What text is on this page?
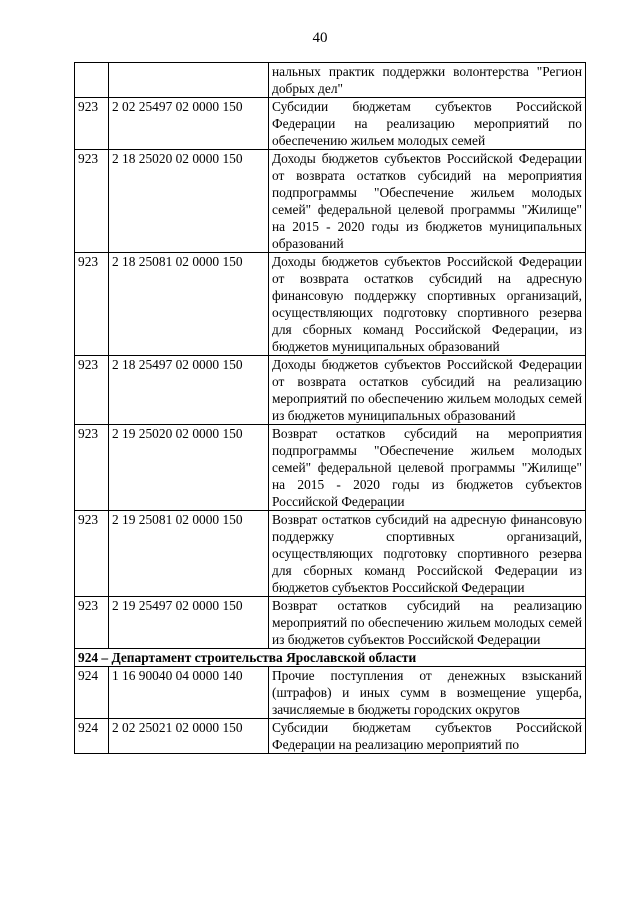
40
		нальных практик поддержки волонтерства "Регион добрых дел"
923	2 02 25497 02 0000 150	Субсидии бюджетам субъектов Российской Федерации на реализацию мероприятий по обеспечению жильем молодых семей
923	2 18 25020 02 0000 150	Доходы бюджетов субъектов Российской Федерации от возврата остатков субсидий на мероприятия подпрограммы "Обеспечение жильем молодых семей" федеральной целевой программы "Жилище" на 2015 - 2020 годы из бюджетов муниципальных образований
923	2 18 25081 02 0000 150	Доходы бюджетов субъектов Российской Федерации от возврата остатков субсидий на адресную финансовую поддержку спортивных организаций, осуществляющих подготовку спортивного резерва для сборных команд Российской Федерации, из бюджетов муниципальных образований
923	2 18 25497 02 0000 150	Доходы бюджетов субъектов Российской Федерации от возврата остатков субсидий на реализацию мероприятий по обеспечению жильем молодых семей из бюджетов муниципальных образований
923	2 19 25020 02 0000 150	Возврат остатков субсидий на мероприятия подпрограммы "Обеспечение жильем молодых семей" федеральной целевой программы "Жилище" на 2015 - 2020 годы из бюджетов субъектов Российской Федерации
923	2 19 25081 02 0000 150	Возврат остатков субсидий на адресную финансовую поддержку спортивных организаций, осуществляющих подготовку спортивного резерва для сборных команд Российской Федерации из бюджетов субъектов Российской Федерации
923	2 19 25497 02 0000 150	Возврат остатков субсидий на реализацию мероприятий по обеспечению жильем молодых семей из бюджетов субъектов Российской Федерации
924 – Департамент строительства Ярославской области		
924	1 16 90040 04 0000 140	Прочие поступления от денежных взысканий (штрафов) и иных сумм в возмещение ущерба, зачисляемые в бюджеты городских округов
924	2 02 25021 02 0000 150	Субсидии бюджетам субъектов Российской Федерации на реализацию мероприятий по
